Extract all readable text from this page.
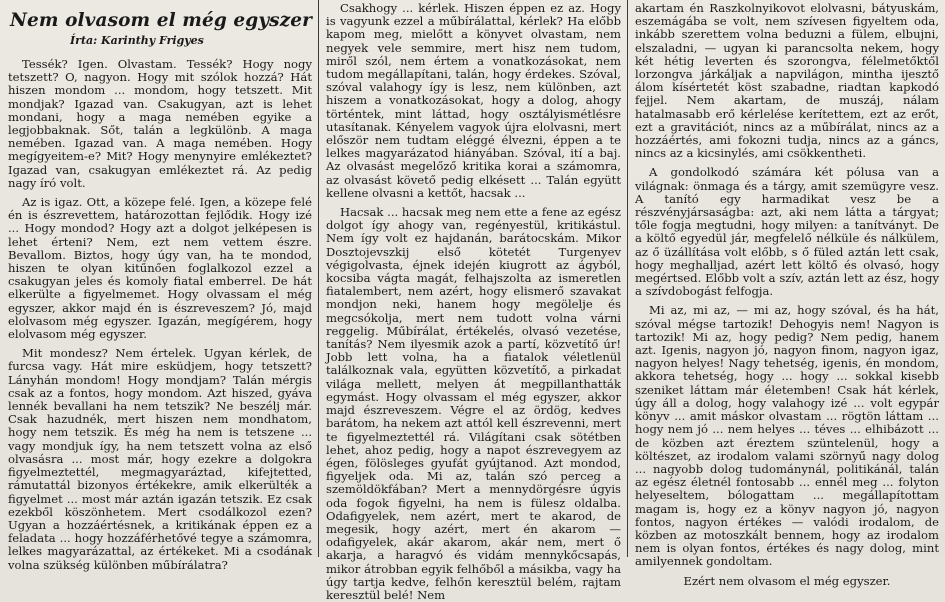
Nem olvasom el még egyszer
Írta: Karinthy Frigyes

Tessék? Igen. Olvastam. Tessék? Hogy nogy tetszett? O, nagyon. Hogy mit szólok hozzá? Hát hiszen mondom ... mondom, hogy tetszett. Mit mondjak? Igazad van. Csakugyan, azt is lehet mondani, hogy a maga nemében egyike a legjobbaknak. Sőt, talán a legkülönb. A maga nemében. Igazad van. A maga nemében. Hogy megígyeitem-e? Mit? Hogy menynyire emlékeztet? Igazad van, csakugyan emlékeztet rá. Az pedig nagy író volt.

Az is igaz. Ott, a közepe felé. Igen, a közepe felé én is észrevettem, határozottan fejlődik. Hogy izé ... Hogy mondod? Hogy azt a dolgot jelképesen is lehet érteni? Nem, ezt nem vettem észre. Bevallom. Biztos, hogy úgy van, ha te mondod, hiszen te olyan kitűnően foglalkozol ezzel a csakugyan jeles és komoly fiatal emberrel. De hát elkerülte a figyelmemet. Hogy olvassam el még egyszer, akkor majd én is észreveszem? Jó, majd elolvasom még egyszer. Igazán, megígérem, hogy elolvasom még egyszer.

Mit mondesz? Nem értelek. Ugyan kérlek, de furcsa vagy. Hát mire esküdjem, hogy tetszett? Lányhán mondom! Hogy mondjam? Talán mérgis csak az a fontos, hogy mondom. Azt hiszed, gyáva lennék bevallani ha nem tetszik? Ne beszélj már. Csak hazudnék, mert hiszen nem mondhatom, hogy nem tetszik. És még ha nem is tetszene ... vagy mondjuk így, ha nem tetszett volna az első olvasásra ... most már, hogy ezekre a dolgokra figyelmeztettél, megmagyaráztad, kifejtetted, rámutattál bizonyos értékekre, amik elkerülték a figyelmet ... most már aztán igazán tetszik. Ez csak ezekből köszönhetem. Mert csodálkozol ezen? Ugyan a hozzáértésnek, a kritikának éppen ez a feladata ... hogy hozzáférhetővé tegye a számomra, lelkes magyarázattal, az értékeket. Mi a csodának volna szükség különben műbírálatra?

Csakhogy ... kérlek. Hiszen éppen ez az. Hogy is vagyunk ezzel a műbírálattal, kérlek? Ha előbb kapom meg, mielőtt a könyvet olvastam, nem negyek vele semmire, mert hisz nem tudom, miről szól, nem értem a vonatkozásokat, nem tudom megállapítani, talán, hogy érdekes. Szóval, szóval valahogy így is lesz, nem különben, azt hiszem a vonatkozásokat, hogy a dolog, ahogy történtek, mint láttad, hogy osztályismétlésre utasítanak. Kényelem vagyok újra elolvasni, mert először nem tudtam eléggé élvezni, éppen a te lelkes magyarázatod hiányában. Szóval, ití a baj. Az olvasást megelőző kritika korai a számomra, az olvasást követő pedig elkésett ... Talán együtt kellene olvasni a kettőt, hacsak ...

Hacsak ... hacsak meg nem ette a fene az egész dolgot így ahogy van, regényestül, kritikástul. Nem így volt ez hajdanán, barátocskám. Mikor Dosztojevszkij első kötetét Turgenyev végigolvasta, éjnek idején kiugrott az ágyból, kocsiba vágta magát, felhajszolta az ismeretlen fiatalembert, nem azért, hogy elismerő szavakat mondjon neki, hanem hogy megölelje és megcsókolja, mert nem tudott volna várni reggelig. Műbírálat, értékelés, olvasó vezetése, tanítás? Nem ilyesmik azok a partí, közvetítő úr! Jobb lett volna, ha a fiatalok véletlenül találkoznak vala, együtten közvetítő, a pirkadat világa mellett, melyen át megpillanthatták egymást. Hogy olvassam el még egyszer, akkor majd észreveszem. Végre el az ördög, kedves barátom, ha nekem azt attól kell észrevenni, mert te figyelmeztettél rá. Világítani csak sötétben lehet, ahoz pedig, hogy a napot észrevegyem az égen, fölösleges gyufát gyújtanod. Azt mondod, figyeljek oda. Mi az, talán szó perceg a szemöldökfában? Mert a mennydörgésre úgyis oda fogok figyelni, ha nem is fülesz oldalba. Odafigyelek, nem azért, mert te akarod, de megesik, hogy azért, mert én akarom — odafigyelek, akár akarom, akár nem, mert ő akarja, a haragvó és vidám mennykőcsapás, mikor átrobban egyik felhőből a másikba, vagy ha úgy tartja kedve, felhőn keresztül belém, rajtam keresztül belé! Nem

akartam én Raszkolnyikovot elolvasni, bátyuskám, eszemágába se volt, nem szívesen figyeltem oda, inkább szerettem volna beduzni a fülem, elbujni, elszaladni, — ugyan ki parancsolta nekem, hogy két hétig leverten és szorongva, félelmetőktől lorzongva járkáljak a napvilágon, mintha ijesztő álom kísértetét köst szabadne, riadtan kapkodó fejjel. Nem akartam, de muszáj, nálam hatalmasabb erő kérlelése kerítettem, ezt az erőt, ezt a gravitációt, nincs az a műbírálat, nincs az a hozzáértés, ami fokozni tudja, nincs az a gáncs, nincs az a kicsinylés, ami csökkentheti.

A gondolkodó számára két pólusa van a világnak: önmaga és a tárgy, amit szemügyre vesz. A tanító egy harmadikat vesz be a részvényjársaságba: azt, aki nem látta a tárgyat; tőle fogja megtudni, hogy milyen: a tanítványt. De a költő egyedül jár, megfelelő nélküle és nálkülem, az ő üzállítása volt előbb, s ő füled aztán lett csak, hogy meghalljad, azért lett költő és olvasó, hogy megértsed. Előbb volt a szív, aztán lett az ész, hogy a szívdobogást felfogja.

Mi az, mi az, — mi az, hogy szóval, és ha hát, szóval mégse tartozik! Dehogyis nem! Nagyon is tartozik! Mi az, hogy pedig? Nem pedig, hanem azt. Igenis, nagyon jó, nagyon finom, nagyon igaz, nagyon helyes! Nagy tehetség, igenis, én mondom, akkora tehetség, hogy ... hogy ... sokkal kisebb szeniket láttam már életemben! Csak hát kérlek, úgy áll a dolog, hogy valahogy izé ... volt egypár könyv ... amit máskor olvastam ... rögtön láttam ... hogy nem jó ... nem helyes ... téves ... elhibázott ... de közben azt éreztem szüntelenül, hogy a költészet, az irodalom valami szörnyű nagy dolog ... nagyobb dolog tudománynál, politikánál, talán az egész életnél fontosabb ... ennél meg ... folyton helyeseltem, bólogattam ... megállapítottam magam is, hogy ez a könyv nagyon jó, nagyon fontos, nagyon értékes — valódi irodalom, de közben az motoszkált bennem, hogy az irodalom nem is olyan fontos, értékes és nagy dolog, mint amilyennek gondoltam.

Ezért nem olvasom el még egyszer.
